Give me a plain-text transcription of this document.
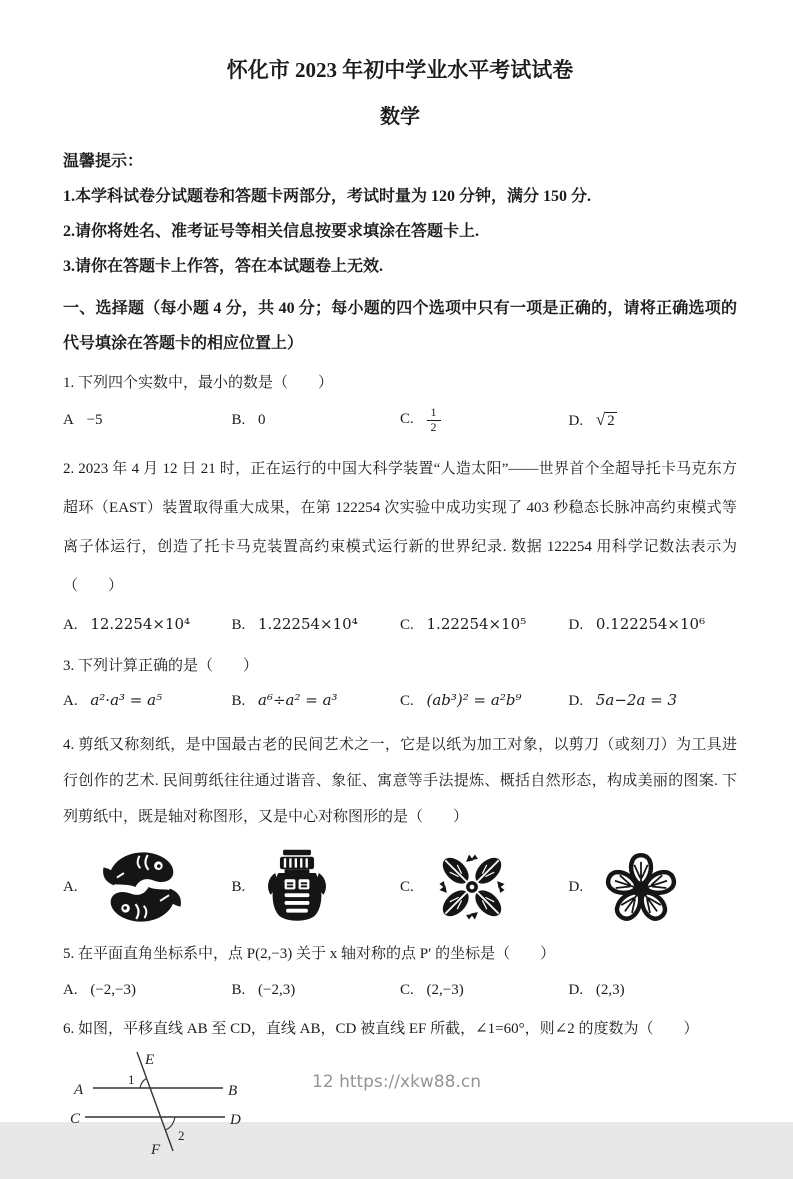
怀化市 2023 年初中学业水平考试试卷
数学
温馨提示：
1.本学科试卷分试题卷和答题卡两部分，考试时量为 120 分钟，满分 150 分.
2.请你将姓名、准考证号等相关信息按要求填涂在答题卡上.
3.请你在答题卡上作答，答在本试题卷上无效.
一、选择题（每小题 4 分，共 40 分；每小题的四个选项中只有一项是正确的，请将正确选项的代号填涂在答题卡的相应位置上）
1. 下列四个实数中，最小的数是（　　）
A −5	B. 0	C. $\frac{1}{2}$	D. √ 2
2. 2023 年 4 月 12 日 21 时，正在运行的中国大科学装置“人造太阳”——世界首个全超导托卡马克东方超环（EAST）装置取得重大成果，在第 122254 次实验中成功实现了 403 秒稳态长脉冲高约束模式等离子体运行，创造了托卡马克装置高约束模式运行新的世界纪录. 数据 122254 用科学记数法表示为（　　）
A. 12.2254×10⁴	B. 1.22254×10⁴	C. 1.22254×10⁵	D. 0.122254×10⁶
3. 下列计算正确的是（　　）
A. a²·a³ = a⁵	B. a⁶÷a² = a³	C. (ab³)² = a²b⁹	D. 5a−2a = 3
4. 剪纸又称刻纸，是中国最古老的民间艺术之一，它是以纸为加工对象，以剪刀（或刻刀）为工具进行创作的艺术. 民间剪纸往往通过谐音、象征、寓意等手法提炼、概括自然形态，构成美丽的图案. 下列剪纸中，既是轴对称图形，又是中心对称图形的是（　　）
A.	B.	C.	D.
5. 在平面直角坐标系中，点 P(2,−3) 关于 x 轴对称的点 P′ 的坐标是（　　）
A. (−2,−3)	B. (−2,3)	C. (2,−3)	D. (2,3)
6. 如图，平移直线 AB 至 CD，直线 AB，CD 被直线 EF 所截，∠1=60°，则∠2 的度数为（　　）
A	B
C	D
E
F
1
2
12 https://xkw88.cn
